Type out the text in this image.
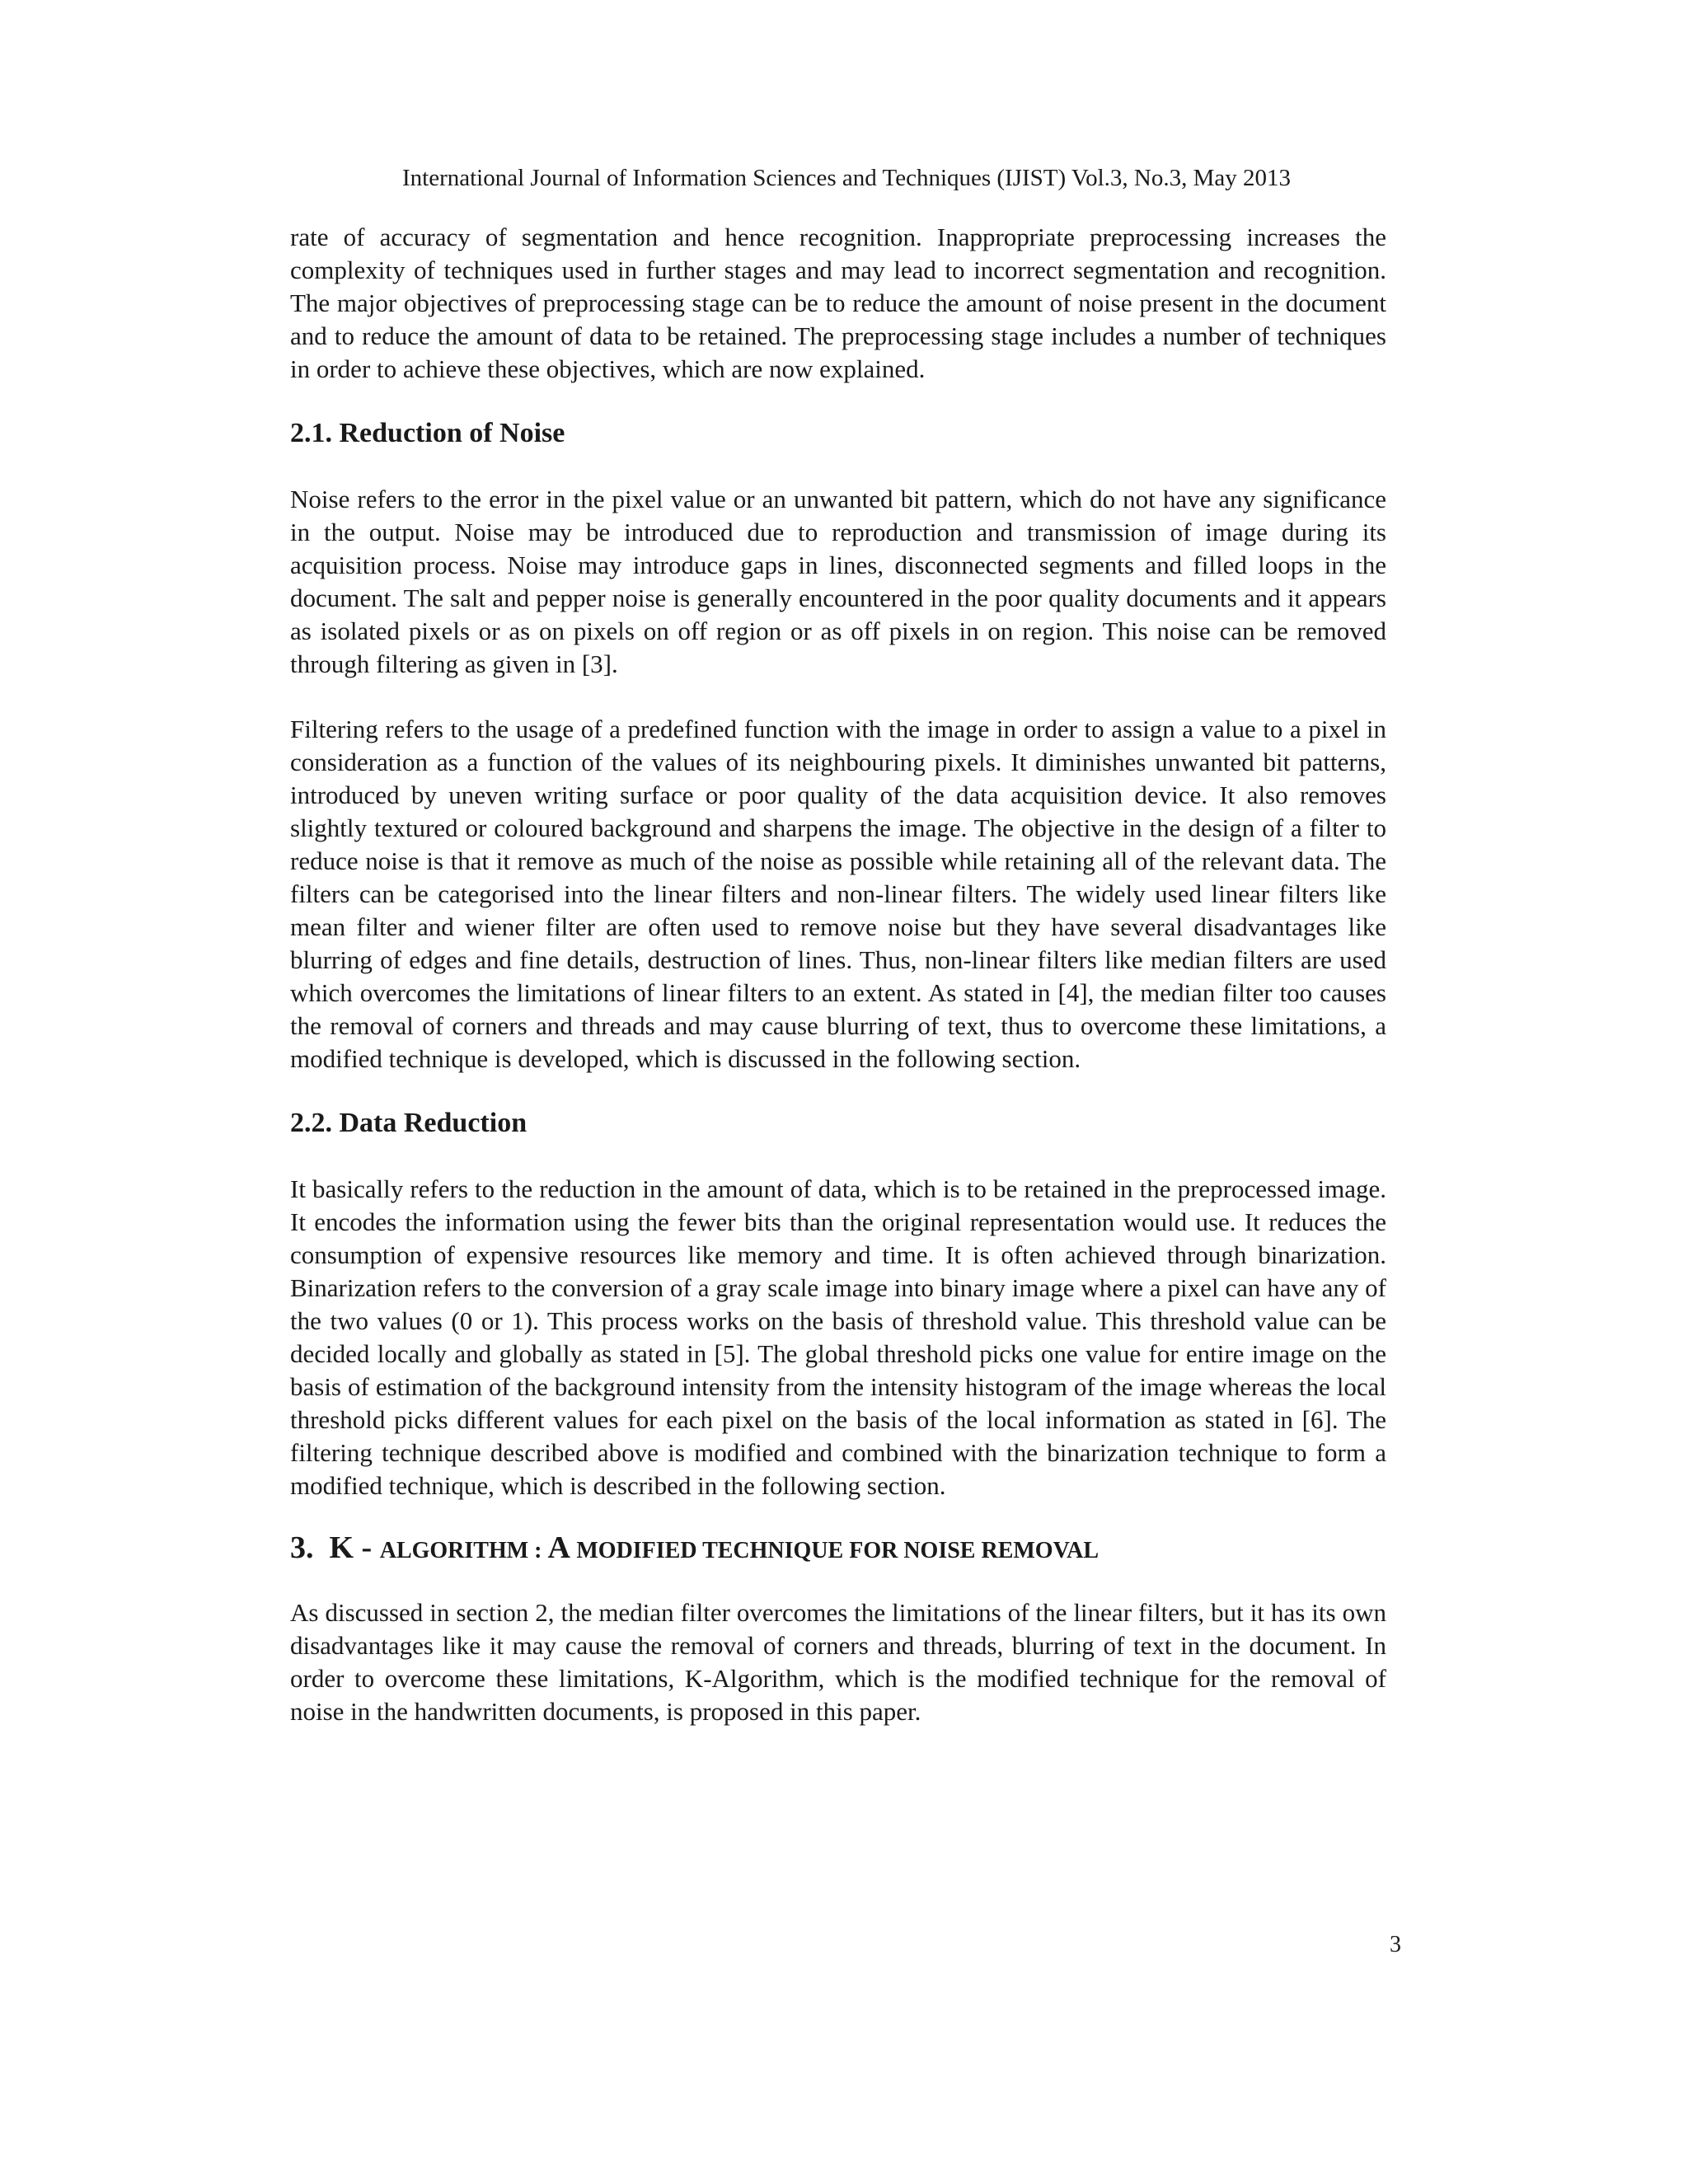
International Journal of Information Sciences and Techniques (IJIST) Vol.3, No.3, May 2013

rate of accuracy of segmentation and hence recognition. Inappropriate preprocessing increases the complexity of techniques used in further stages and may lead to incorrect segmentation and recognition. The major objectives of preprocessing stage can be to reduce the amount of noise present in the document and to reduce the amount of data to be retained. The preprocessing stage includes a number of techniques in order to achieve these objectives, which are now explained.

2.1. Reduction of Noise

Noise refers to the error in the pixel value or an unwanted bit pattern, which do not have any significance in the output. Noise may be introduced due to reproduction and transmission of image during its acquisition process. Noise may introduce gaps in lines, disconnected segments and filled loops in the document. The salt and pepper noise is generally encountered in the poor quality documents and it appears as isolated pixels or as on pixels on off region or as off pixels in on region. This noise can be removed through filtering as given in [3].

Filtering refers to the usage of a predefined function with the image in order to assign a value to a pixel in consideration as a function of the values of its neighbouring pixels. It diminishes unwanted bit patterns, introduced by uneven writing surface or poor quality of the data acquisition device. It also removes slightly textured or coloured background and sharpens the image. The objective in the design of a filter to reduce noise is that it remove as much of the noise as possible while retaining all of the relevant data. The filters can be categorised into the linear filters and non-linear filters. The widely used linear filters like mean filter and wiener filter are often used to remove noise but they have several disadvantages like blurring of edges and fine details, destruction of lines. Thus, non-linear filters like median filters are used which overcomes the limitations of linear filters to an extent. As stated in [4], the median filter too causes the removal of corners and threads and may cause blurring of text, thus to overcome these limitations, a modified technique is developed, which is discussed in the following section.

2.2. Data Reduction

It basically refers to the reduction in the amount of data, which is to be retained in the preprocessed image. It encodes the information using the fewer bits than the original representation would use. It reduces the consumption of expensive resources like memory and time. It is often achieved through binarization. Binarization refers to the conversion of a gray scale image into binary image where a pixel can have any of the two values (0 or 1). This process works on the basis of threshold value. This threshold value can be decided locally and globally as stated in [5]. The global threshold picks one value for entire image on the basis of estimation of the background intensity from the intensity histogram of the image whereas the local threshold picks different values for each pixel on the basis of the local information as stated in [6]. The filtering technique described above is modified and combined with the binarization technique to form a modified technique, which is described in the following section.

3. K - ALGORITHM : A MODIFIED TECHNIQUE FOR NOISE REMOVAL

As discussed in section 2, the median filter overcomes the limitations of the linear filters, but it has its own disadvantages like it may cause the removal of corners and threads, blurring of text in the document. In order to overcome these limitations, K-Algorithm, which is the modified technique for the removal of noise in the handwritten documents, is proposed in this paper.

3
